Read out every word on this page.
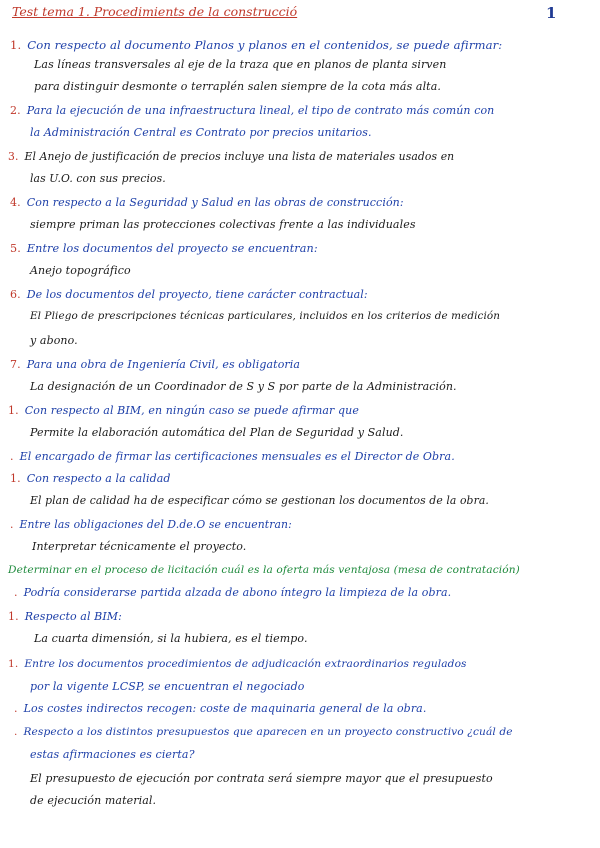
Test tema 1. Procedimients de la construcció	1
1. Con respecto al documento Planos y planos en el contenidos, se puede afirmar:
Las líneas transversales al eje de la traza que en planos de planta sirven
para distinguir desmonte o terraplén salen siempre de la cota más alta.
2. Para la ejecución de una infraestructura lineal, el tipo de contrato más común con
la Administración Central es Contrato por precios unitarios.
3. El Anejo de justificación de precios incluye una lista de materiales usados en
las U.O. con sus precios.
4. Con respecto a la Seguridad y Salud en las obras de construcción:
siempre priman las protecciones colectivas frente a las individuales
5. Entre los documentos del proyecto se encuentran:
Anejo topográfico
6. De los documentos del proyecto, tiene carácter contractual:
El Pliego de prescripciones técnicas particulares, incluidos en los criterios de medición
y abono.
7. Para una obra de Ingeniería Civil, es obligatoria
La designación de un Coordinador de S y S por parte de la Administración.
1. Con respecto al BIM, en ningún caso se puede afirmar que
Permite la elaboración automática del Plan de Seguridad y Salud.
. El encargado de firmar las certificaciones mensuales es el Director de Obra.
1. Con respecto a la calidad
El plan de calidad ha de especificar cómo se gestionan los documentos de la obra.
. Entre las obligaciones del D.de.O se encuentran:
Interpretar técnicamente el proyecto.
Determinar en el proceso de licitación cuál es la oferta más ventajosa (mesa de contratación)
. Podría considerarse partida alzada de abono íntegro la limpieza de la obra.
1. Respecto al BIM:
La cuarta dimensión, si la hubiera, es el tiempo.
1. Entre los documentos procedimientos de adjudicación extraordinarios regulados
por la vigente LCSP, se encuentran el negociado
. Los costes indirectos recogen: coste de maquinaria general de la obra.
. Respecto a los distintos presupuestos que aparecen en un proyecto constructivo ¿cuál de
estas afirmaciones es cierta?
El presupuesto de ejecución por contrata será siempre mayor que el presupuesto
de ejecución material.
